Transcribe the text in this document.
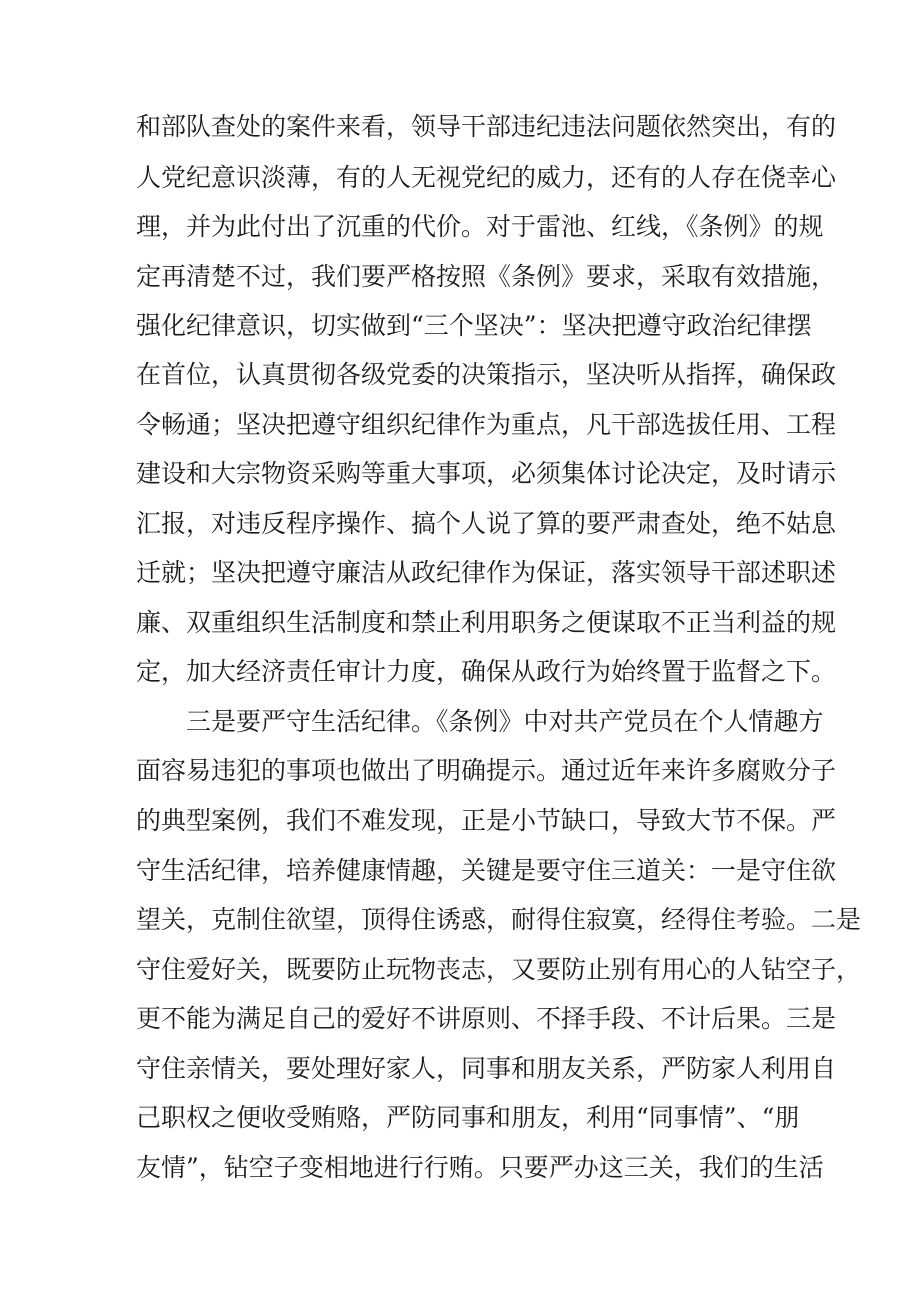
和部队查处的案件来看，领导干部违纪违法问题依然突出，有的
人党纪意识淡薄，有的人无视党纪的威力，还有的人存在侥幸心
理，并为此付出了沉重的代价。对于雷池、红线，《条例》的规
定再清楚不过，我们要严格按照《条例》要求，采取有效措施，
强化纪律意识，切实做到“三个坚决”：坚决把遵守政治纪律摆
在首位，认真贯彻各级党委的决策指示，坚决听从指挥，确保政
令畅通；坚决把遵守组织纪律作为重点，凡干部选拔任用、工程
建设和大宗物资采购等重大事项，必须集体讨论决定，及时请示
汇报，对违反程序操作、搞个人说了算的要严肃查处，绝不姑息
迁就；坚决把遵守廉洁从政纪律作为保证，落实领导干部述职述
廉、双重组织生活制度和禁止利用职务之便谋取不正当利益的规
定，加大经济责任审计力度，确保从政行为始终置于监督之下。
三是要严守生活纪律。《条例》中对共产党员在个人情趣方
面容易违犯的事项也做出了明确提示。通过近年来许多腐败分子
的典型案例，我们不难发现，正是小节缺口，导致大节不保。严
守生活纪律，培养健康情趣，关键是要守住三道关：一是守住欲
望关，克制住欲望，顶得住诱惑，耐得住寂寞，经得住考验。二是
守住爱好关，既要防止玩物丧志，又要防止别有用心的人钻空子，
更不能为满足自己的爱好不讲原则、不择手段、不计后果。三是
守住亲情关，要处理好家人，同事和朋友关系，严防家人利用自
己职权之便收受贿赂，严防同事和朋友，利用“同事情”、“朋
友情”，钻空子变相地进行行贿。只要严办这三关，我们的生活
